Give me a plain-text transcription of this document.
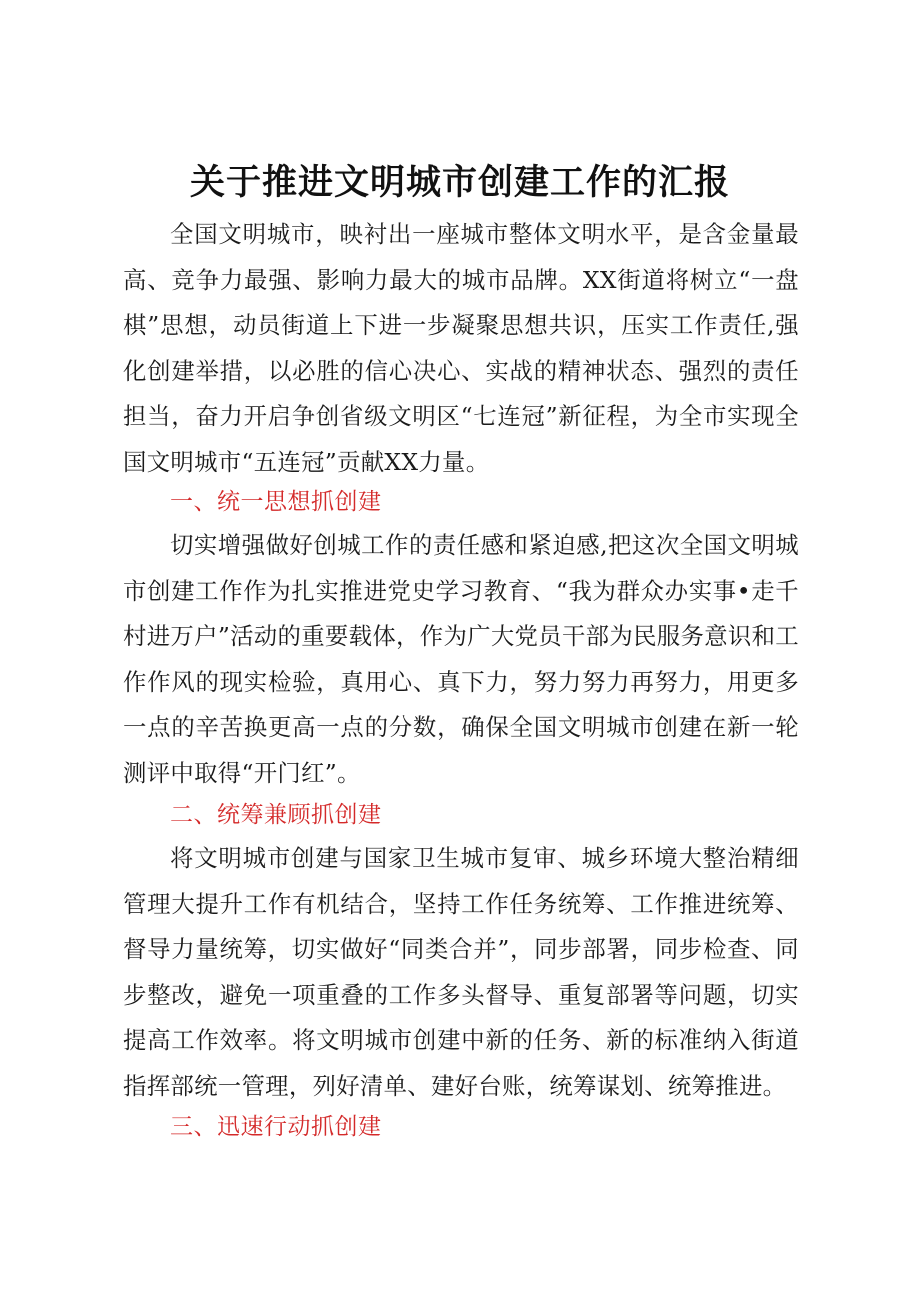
关于推进文明城市创建工作的汇报

全国文明城市，映衬出一座城市整体文明水平，是含金量最高、竞争力最强、影响力最大的城市品牌。XX街道将树立“一盘棋”思想，动员街道上下进一步凝聚思想共识，压实工作责任,强化创建举措，以必胜的信心决心、实战的精神状态、强烈的责任担当，奋力开启争创省级文明区“七连冠”新征程，为全市实现全国文明城市“五连冠”贡献XX力量。

一、统一思想抓创建

切实增强做好创城工作的责任感和紧迫感,把这次全国文明城市创建工作作为扎实推进党史学习教育、“我为群众办实事•走千村进万户”活动的重要载体，作为广大党员干部为民服务意识和工作作风的现实检验，真用心、真下力，努力努力再努力，用更多一点的辛苦换更高一点的分数，确保全国文明城市创建在新一轮测评中取得“开门红”。

二、统筹兼顾抓创建

将文明城市创建与国家卫生城市复审、城乡环境大整治精细管理大提升工作有机结合，坚持工作任务统筹、工作推进统筹、督导力量统筹，切实做好“同类合并”，同步部署，同步检查、同步整改，避免一项重叠的工作多头督导、重复部署等问题，切实提高工作效率。将文明城市创建中新的任务、新的标准纳入街道指挥部统一管理，列好清单、建好台账，统筹谋划、统筹推进。

三、迅速行动抓创建
